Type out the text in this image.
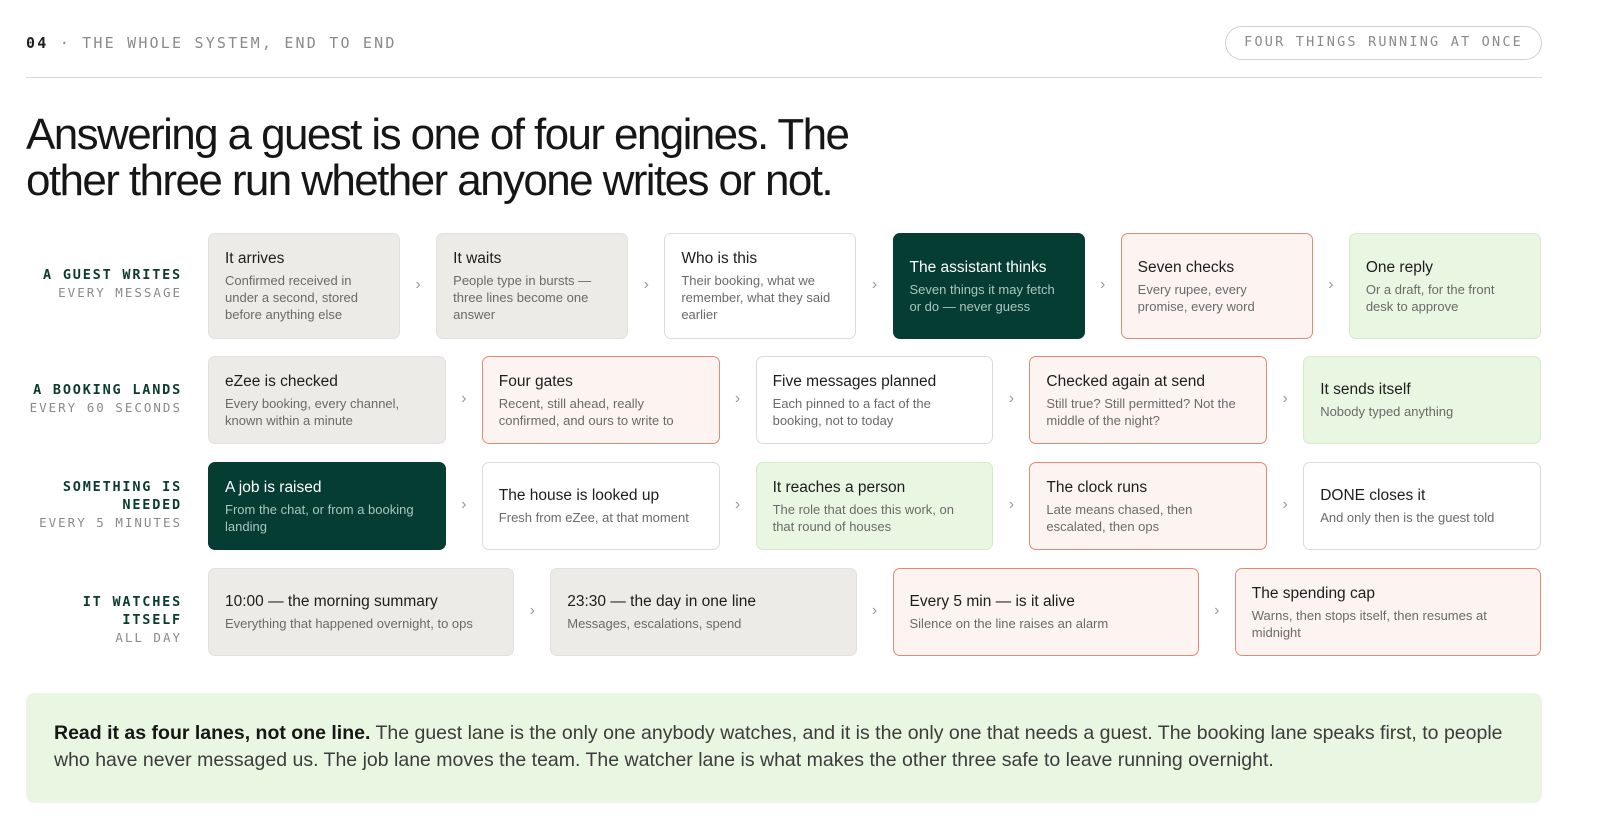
04 · THE WHOLE SYSTEM, END TO END	FOUR THINGS RUNNING AT ONCE
Answering a guest is one of four engines. The other three run whether anyone writes or not.
A GUEST WRITES
EVERY MESSAGE
It arrives
Confirmed received in under a second, stored before anything else
›
It waits
People type in bursts — three lines become one answer
›
Who is this
Their booking, what we remember, what they said earlier
›
The assistant thinks
Seven things it may fetch or do — never guess
›
Seven checks
Every rupee, every promise, every word
›
One reply
Or a draft, for the front desk to approve
A BOOKING LANDS
EVERY 60 SECONDS
eZee is checked
Every booking, every channel, known within a minute
›
Four gates
Recent, still ahead, really confirmed, and ours to write to
›
Five messages planned
Each pinned to a fact of the booking, not to today
›
Checked again at send
Still true? Still permitted? Not the middle of the night?
›
It sends itself
Nobody typed anything
SOMETHING IS NEEDED
EVERY 5 MINUTES
A job is raised
From the chat, or from a booking landing
›
The house is looked up
Fresh from eZee, at that moment
›
It reaches a person
The role that does this work, on that round of houses
›
The clock runs
Late means chased, then escalated, then ops
›
DONE closes it
And only then is the guest told
IT WATCHES ITSELF
ALL DAY
10:00 — the morning summary
Everything that happened overnight, to ops
›
23:30 — the day in one line
Messages, escalations, spend
›
Every 5 min — is it alive
Silence on the line raises an alarm
›
The spending cap
Warns, then stops itself, then resumes at midnight
Read it as four lanes, not one line. The guest lane is the only one anybody watches, and it is the only one that needs a guest. The booking lane speaks first, to people who have never messaged us. The job lane moves the team. The watcher lane is what makes the other three safe to leave running overnight.
